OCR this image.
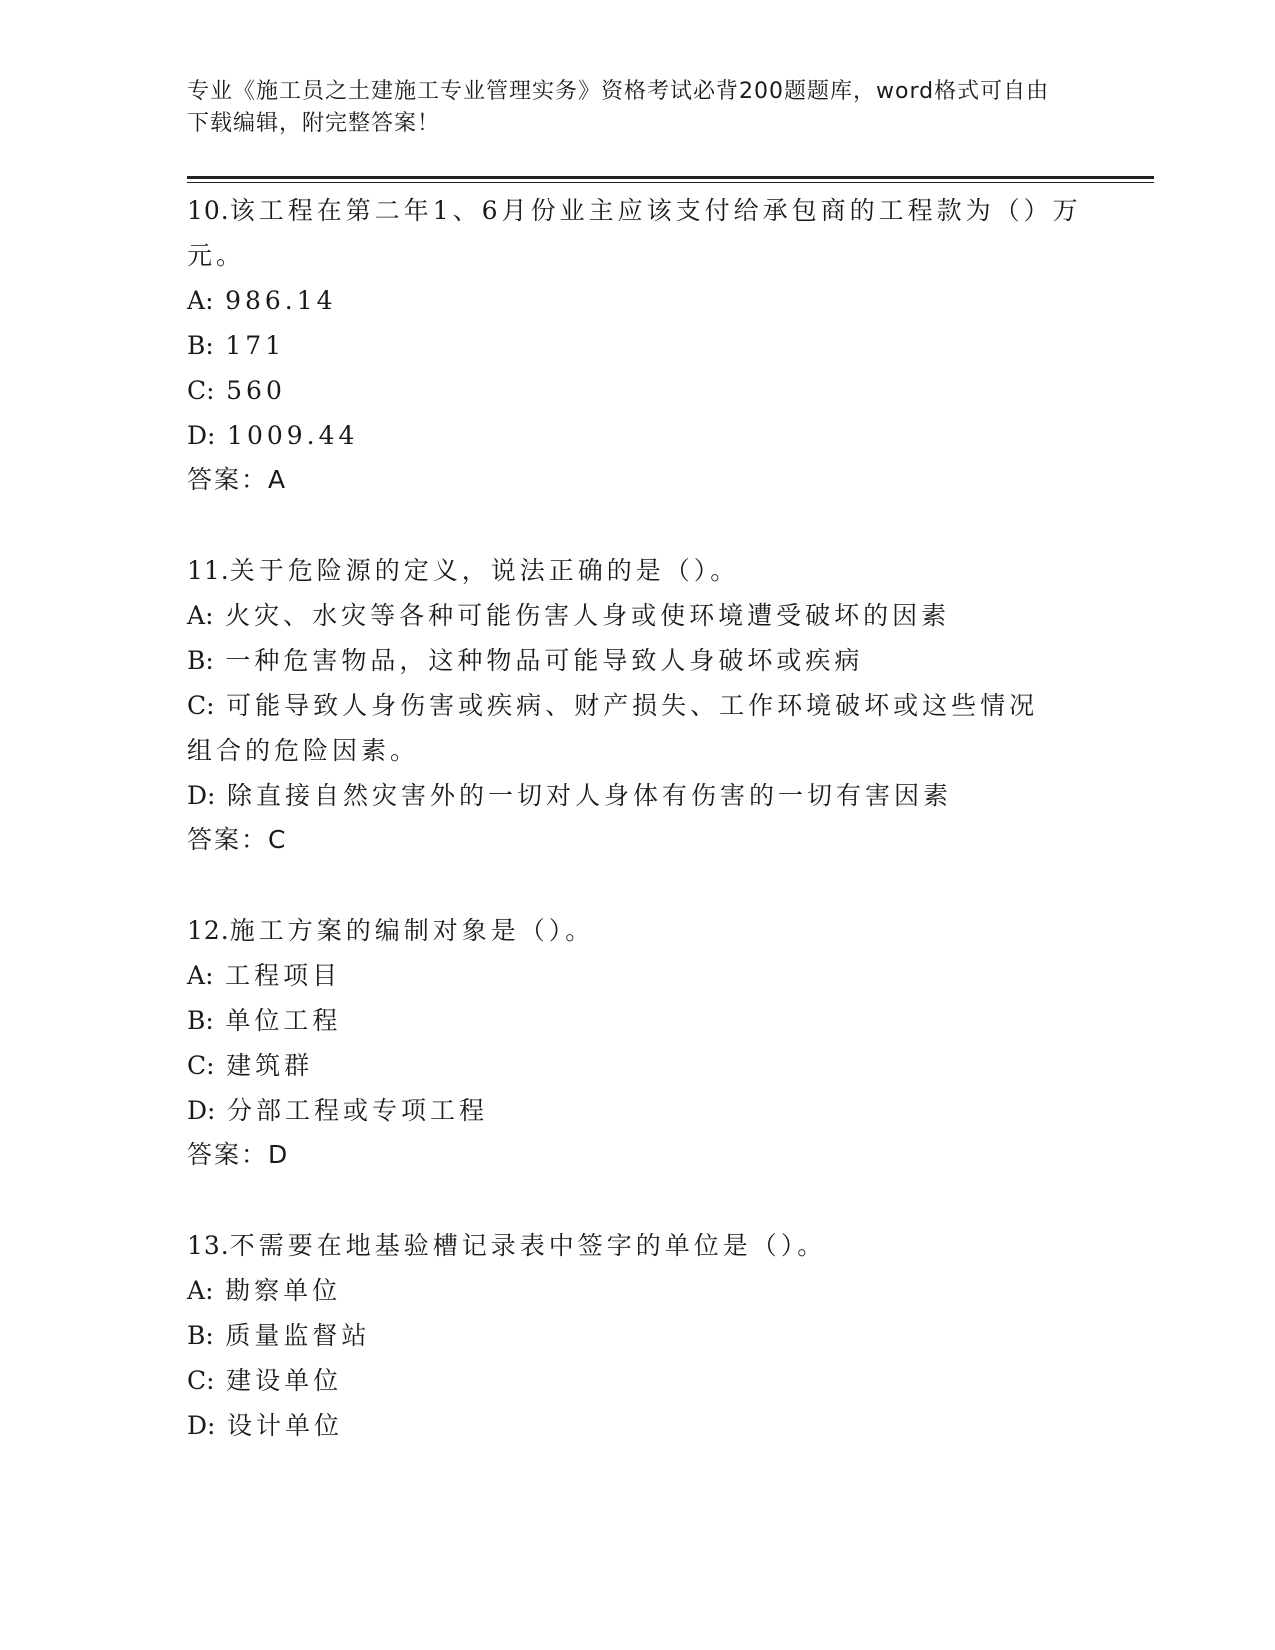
专业《施工员之土建施工专业管理实务》资格考试必背200题题库，word格式可自由下载编辑，附完整答案！
10.该工程在第二年1、6月份业主应该支付给承包商的工程款为（）万元。
A : 986.14
B : 171
C : 560
D : 1009.44
答案：A
11.关于危险源的定义，说法正确的是（）。
A : 火灾、水灾等各种可能伤害人身或使环境遭受破坏的因素
B : 一种危害物品，这种物品可能导致人身破坏或疾病
C: 可能导致人身伤害或疾病、财产损失、工作环境破坏或这些情况组合的危险因素。
D : 除直接自然灾害外的一切对人身体有伤害的一切有害因素
答案：C
12.施工方案的编制对象是（）。
A : 工程项目
B : 单位工程
C : 建筑群
D : 分部工程或专项工程
答案：D
13.不需要在地基验槽记录表中签字的单位是（）。
A : 勘察单位
B : 质量监督站
C : 建设单位
D : 设计单位
